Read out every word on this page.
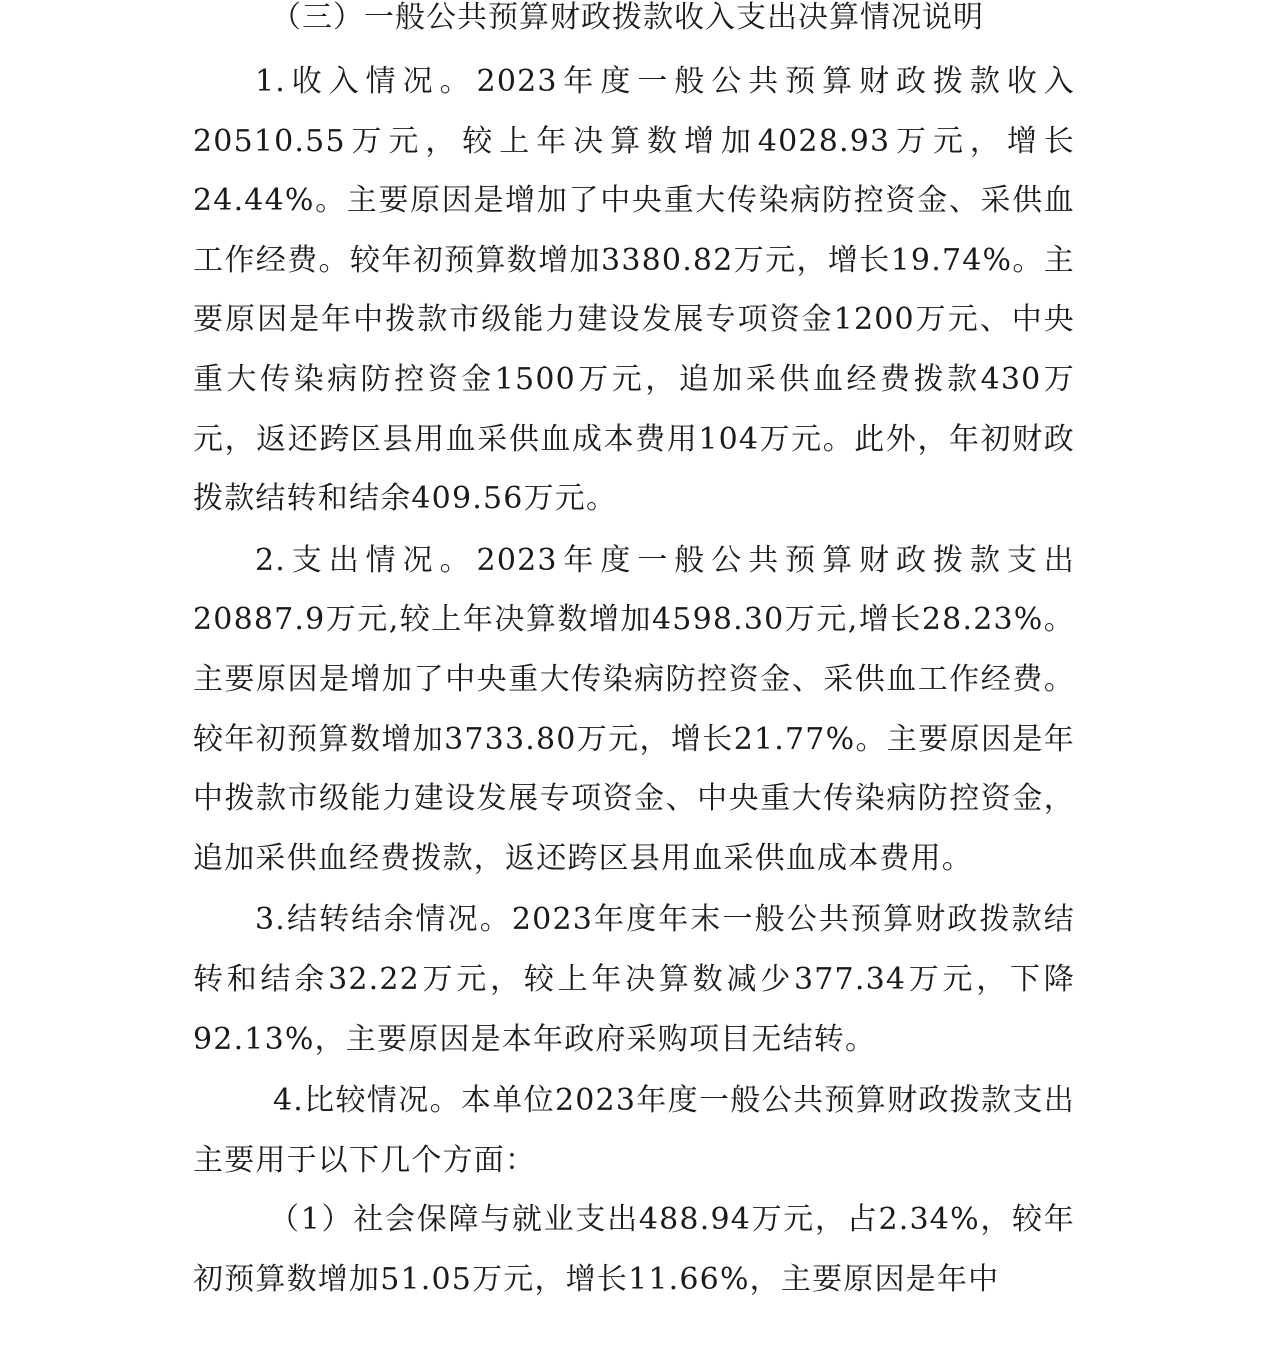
（三）一般公共预算财政拨款收入支出决算情况说明

1.收入情况。2023年度一般公共预算财政拨款收入20510.55万元，较上年决算数增加4028.93万元，增长24.44%。主要原因是增加了中央重大传染病防控资金、采供血工作经费。较年初预算数增加3380.82万元，增长19.74%。主要原因是年中拨款市级能力建设发展专项资金1200万元、中央重大传染病防控资金1500万元，追加采供血经费拨款430万元，返还跨区县用血采供血成本费用104万元。此外，年初财政拨款结转和结余409.56万元。

2.支出情况。2023年度一般公共预算财政拨款支出20887.9万元,较上年决算数增加4598.30万元,增长28.23%。主要原因是增加了中央重大传染病防控资金、采供血工作经费。较年初预算数增加3733.80万元，增长21.77%。主要原因是年中拨款市级能力建设发展专项资金、中央重大传染病防控资金，追加采供血经费拨款，返还跨区县用血采供血成本费用。

3.结转结余情况。2023年度年末一般公共预算财政拨款结转和结余32.22万元，较上年决算数减少377.34万元，下降92.13%，主要原因是本年政府采购项目无结转。

4.比较情况。本单位2023年度一般公共预算财政拨款支出主要用于以下几个方面：

（1）社会保障与就业支出488.94万元，占2.34%，较年初预算数增加51.05万元，增长11.66%，主要原因是年中
